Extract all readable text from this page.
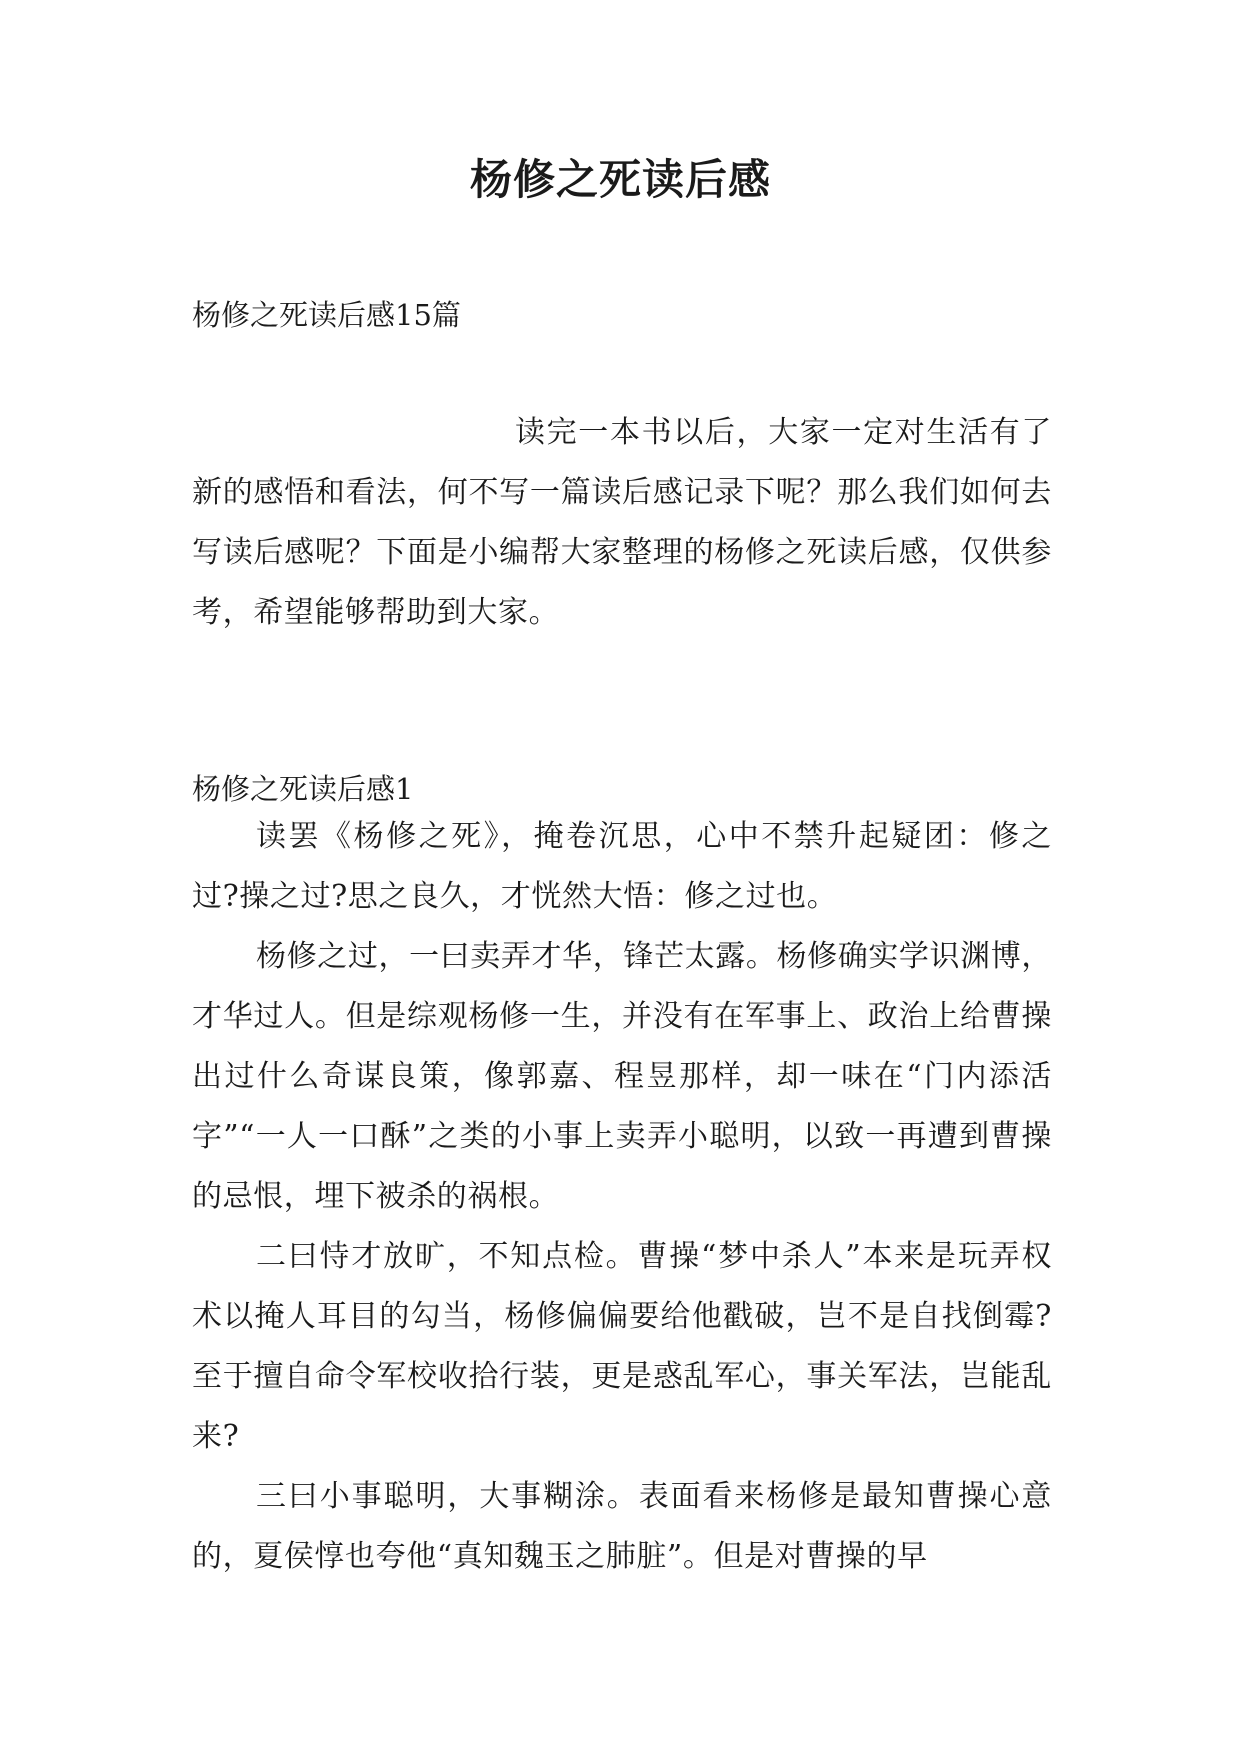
杨修之死读后感
杨修之死读后感15篇

读完一本书以后，大家一定对生活有了新的感悟和看法，何不写一篇读后感记录下呢？那么我们如何去写读后感呢？下面是小编帮大家整理的杨修之死读后感，仅供参考，希望能够帮助到大家。

杨修之死读后感1

读罢《杨修之死》，掩卷沉思，心中不禁升起疑团：修之过?操之过?思之良久，才恍然大悟：修之过也。

杨修之过，一曰卖弄才华，锋芒太露。杨修确实学识渊博，才华过人。但是综观杨修一生，并没有在军事上、政治上给曹操出过什么奇谋良策，像郭嘉、程昱那样，却一味在“门内添活字”“一人一口酥”之类的小事上卖弄小聪明，以致一再遭到曹操的忌恨，埋下被杀的祸根。

二曰恃才放旷，不知点检。曹操“梦中杀人”本来是玩弄权术以掩人耳目的勾当，杨修偏偏要给他戳破，岂不是自找倒霉?至于擅自命令军校收拾行装，更是惑乱军心，事关军法，岂能乱来?

三曰小事聪明，大事糊涂。表面看来杨修是最知曹操心意的，夏侯惇也夸他“真知魏玉之肺脏”。但是对曹操的早
